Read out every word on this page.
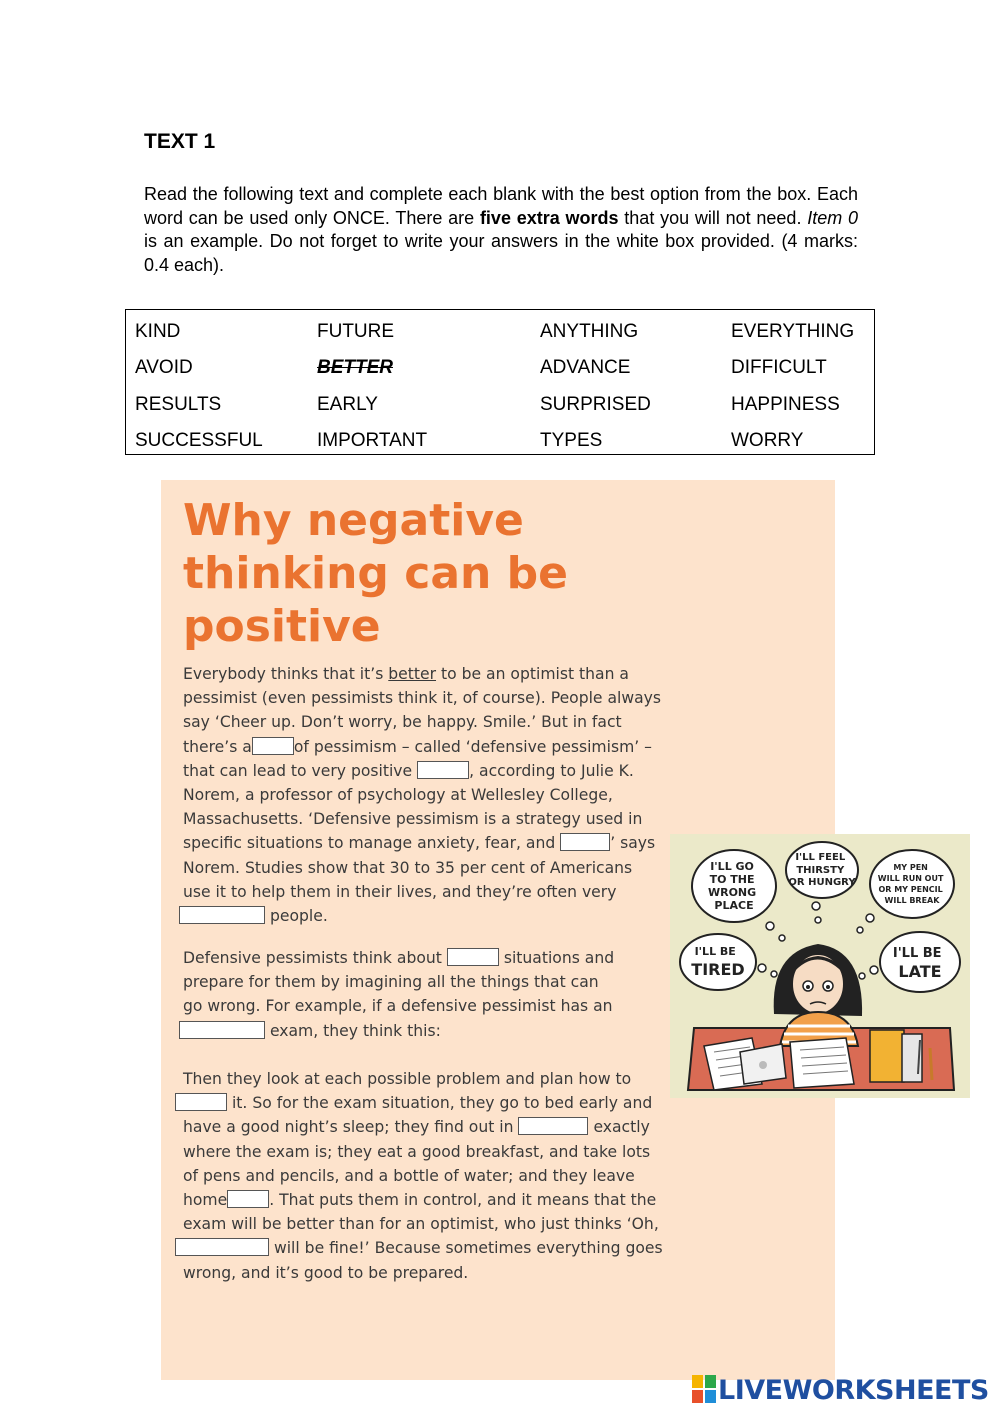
TEXT 1
Read the following text and complete each blank with the best option from the box. Each word can be used only ONCE. There are five extra words that you will not need. Item 0 is an example. Do not forget to write your answers in the white box provided. (4 marks: 0.4 each).
KIND	FUTURE	ANYTHING	EVERYTHING
AVOID	BETTER	ADVANCE	DIFFICULT
RESULTS	EARLY	SURPRISED	HAPPINESS
SUCCESSFUL	IMPORTANT	TYPES	WORRY
Why negative
thinking can be
positive
Everybody thinks that it’s better to be an optimist than a
pessimist (even pessimists think it, of course). People always
say ‘Cheer up. Don’t worry, be happy. Smile.’ But in fact
there’s a	of pessimism – called ‘defensive pessimism’ –
that can lead to very positive	, according to Julie K.
Norem, a professor of psychology at Wellesley College,
Massachusetts. ‘Defensive pessimism is a strategy used in
specific situations to manage anxiety, fear, and	’ says
Norem. Studies show that 30 to 35 per cent of Americans
use it to help them in their lives, and they’re often very
people.
Defensive pessimists think about	situations and
prepare for them by imagining all the things that can
go wrong. For example, if a defensive pessimist has an
exam, they think this:
Then they look at each possible problem and plan how to
it. So for the exam situation, they go to bed early and
have a good night’s sleep; they find out in	exactly
where the exam is; they eat a good breakfast, and take lots
of pens and pencils, and a bottle of water; and they leave
home	. That puts them in control, and it means that the
exam will be better than for an optimist, who just thinks ‘Oh,
will be fine!’ Because sometimes everything goes
wrong, and it’s good to be prepared.
I'LL GO TO THE WRONG PLACE
I'LL FEEL THIRSTY OR HUNGRY
MY PEN WILL RUN OUT OR MY PENCIL WILL BREAK
I'LL BE TIRED
I'LL BE LATE
LIVEWORKSHEETS
